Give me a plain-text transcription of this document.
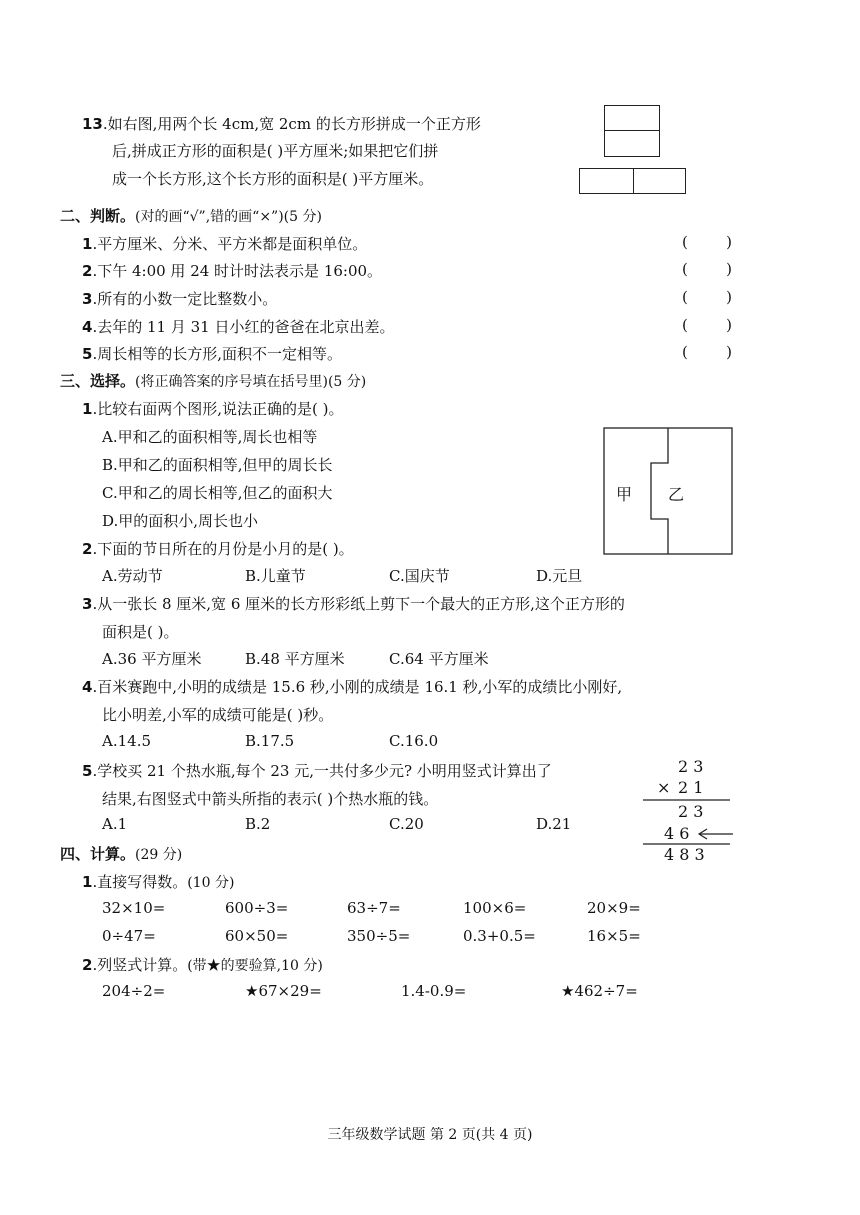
13.如右图,用两个长 4cm,宽 2cm 的长方形拼成一个正方形
后,拼成正方形的面积是( )平方厘米;如果把它们拼
成一个长方形,这个长方形的面积是( )平方厘米。
二、判断。(对的画“√”,错的画“×”)(5 分)
1.平方厘米、分米、平方米都是面积单位。	(	)
2.下午 4:00 用 24 时计时法表示是 16:00。	(	)
3.所有的小数一定比整数小。	(	)
4.去年的 11 月 31 日小红的爸爸在北京出差。	(	)
5.周长相等的长方形,面积不一定相等。	(	)
三、选择。(将正确答案的序号填在括号里)(5 分)
1.比较右面两个图形,说法正确的是( )。
A.甲和乙的面积相等,周长也相等
B.甲和乙的面积相等,但甲的周长长
C.甲和乙的周长相等,但乙的面积大
D.甲的面积小,周长也小
甲 乙
2.下面的节日所在的月份是小月的是( )。
A.劳动节	B.儿童节	C.国庆节	D.元旦
3.从一张长 8 厘米,宽 6 厘米的长方形彩纸上剪下一个最大的正方形,这个正方形的
面积是( )。
A.36 平方厘米	B.48 平方厘米	C.64 平方厘米
4.百米赛跑中,小明的成绩是 15.6 秒,小刚的成绩是 16.1 秒,小军的成绩比小刚好,
比小明差,小军的成绩可能是( )秒。
A.14.5	B.17.5	C.16.0
5.学校买 21 个热水瓶,每个 23 元,一共付多少元? 小明用竖式计算出了
结果,右图竖式中箭头所指的表示( )个热水瓶的钱。
A.1	B.2	C.20	D.21
2 3
× 2 1
2 3
4 6
4 8 3
四、计算。(29 分)
1.直接写得数。(10 分)
32×10=	600÷3=	63÷7=	100×6=	20×9=
0÷47=	60×50=	350÷5=	0.3+0.5=	16×5=
2.列竖式计算。(带★的要验算,10 分)
204÷2=	★67×29=	1.4-0.9=	★462÷7=
三年级数学试题 第 2 页(共 4 页)
